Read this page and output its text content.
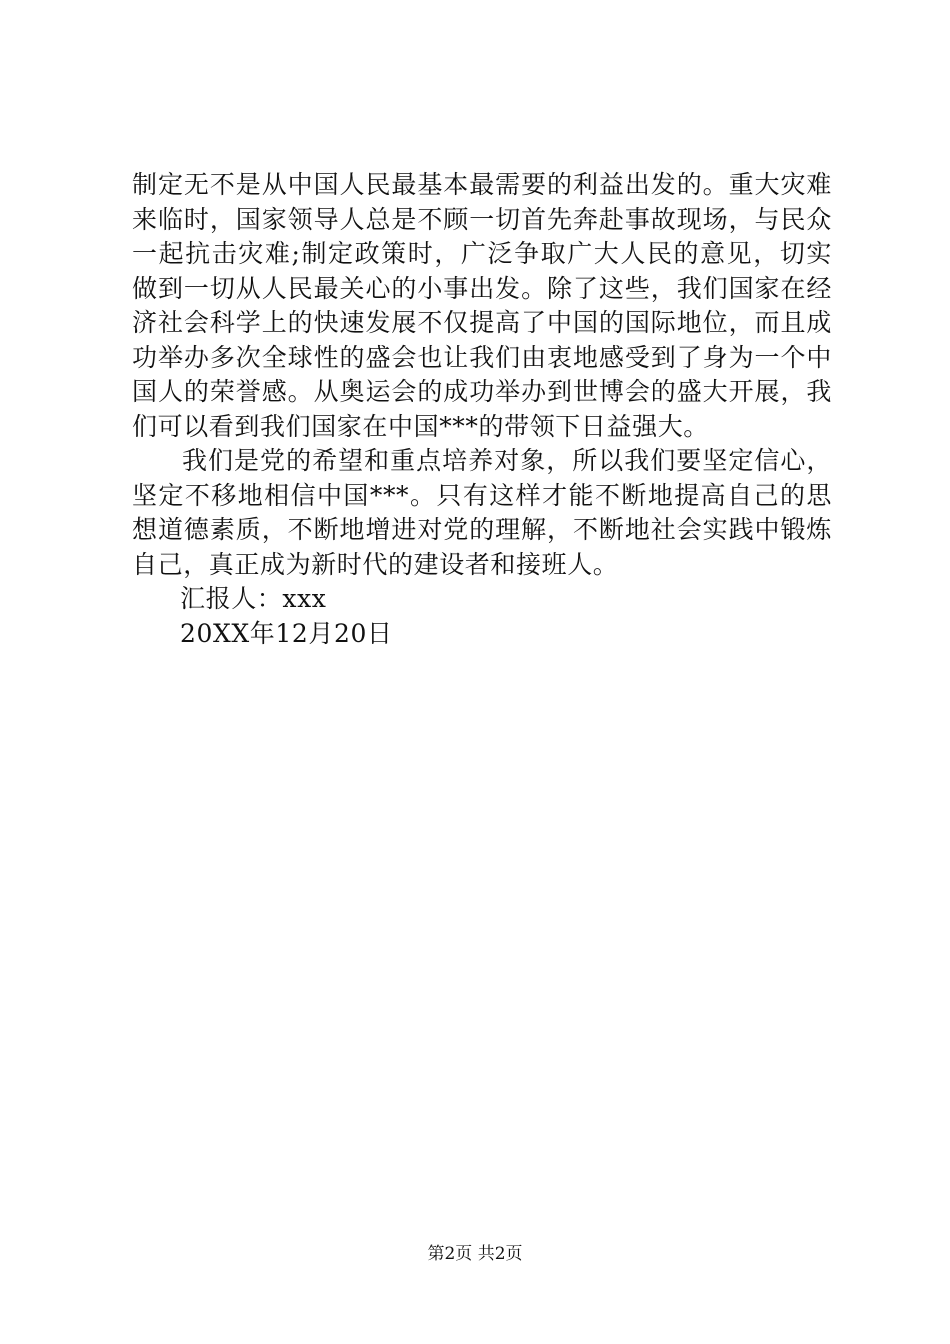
制定无不是从中国人民最基本最需要的利益出发的。重大灾难来临时，国家领导人总是不顾一切首先奔赴事故现场，与民众一起抗击灾难;制定政策时，广泛争取广大人民的意见，切实做到一切从人民最关心的小事出发。除了这些，我们国家在经济社会科学上的快速发展不仅提高了中国的国际地位，而且成功举办多次全球性的盛会也让我们由衷地感受到了身为一个中国人的荣誉感。从奥运会的成功举办到世博会的盛大开展，我们可以看到我们国家在中国***的带领下日益强大。

我们是党的希望和重点培养对象，所以我们要坚定信心，坚定不移地相信中国***。只有这样才能不断地提高自己的思想道德素质，不断地增进对党的理解，不断地社会实践中锻炼自己，真正成为新时代的建设者和接班人。

汇报人：xxx

20XX年12月20日

第2页 共2页
